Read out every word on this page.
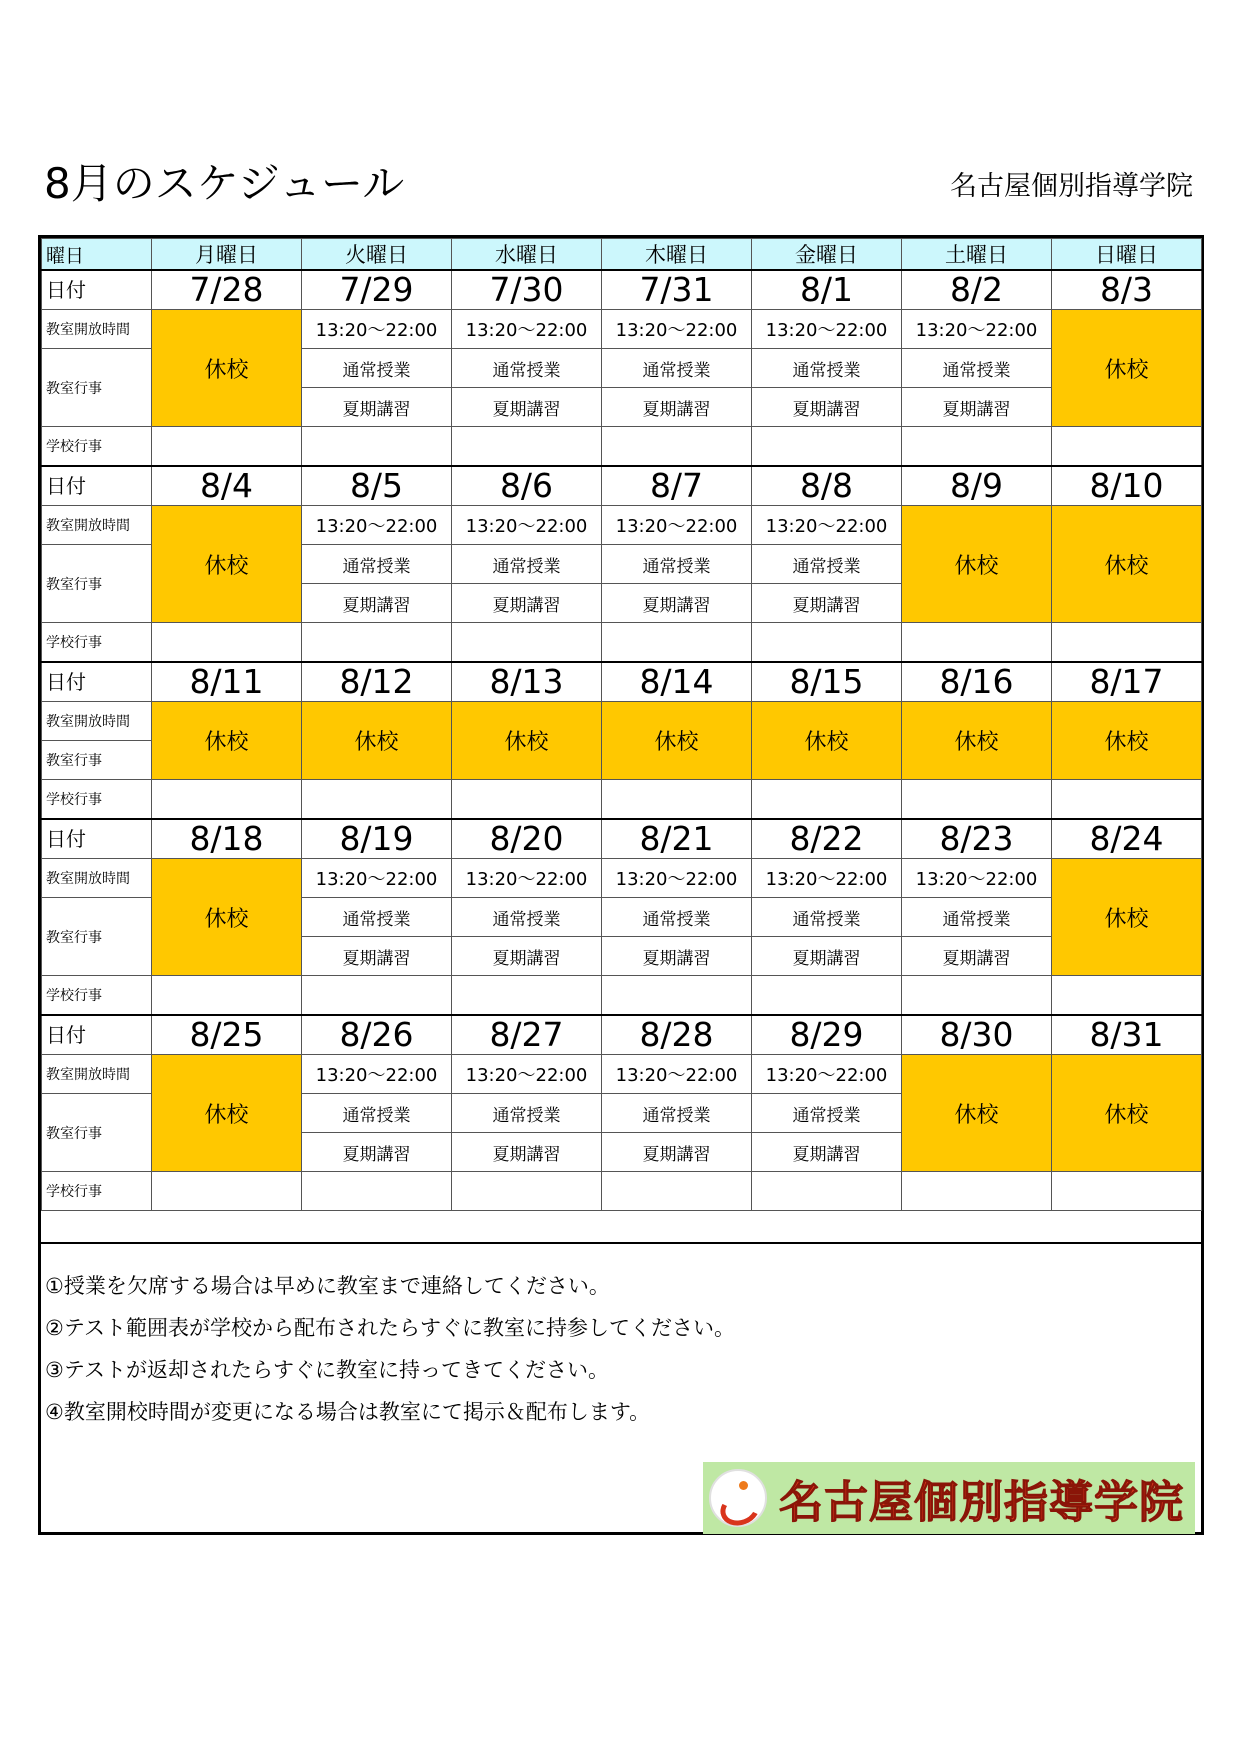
8月のスケジュール	名古屋個別指導学院
曜日	月曜日	火曜日	水曜日	木曜日	金曜日	土曜日	日曜日
日付	7/28	7/29	7/30	7/31	8/1	8/2	8/3
教室開放時間	休校	13:20～22:00	13:20～22:00	13:20～22:00	13:20～22:00	13:20～22:00	休校
教室行事		通常授業	通常授業	通常授業	通常授業	通常授業	
		夏期講習	夏期講習	夏期講習	夏期講習	夏期講習	
学校行事							
日付	8/4	8/5	8/6	8/7	8/8	8/9	8/10
教室開放時間	休校	13:20～22:00	13:20～22:00	13:20～22:00	13:20～22:00	休校	休校
教室行事		通常授業	通常授業	通常授業	通常授業		
		夏期講習	夏期講習	夏期講習	夏期講習		
学校行事							
日付	8/11	8/12	8/13	8/14	8/15	8/16	8/17
教室開放時間	休校	休校	休校	休校	休校	休校	休校
教室行事							

学校行事							
日付	8/18	8/19	8/20	8/21	8/22	8/23	8/24
教室開放時間	休校	13:20～22:00	13:20～22:00	13:20～22:00	13:20～22:00	13:20～22:00	休校
教室行事		通常授業	通常授業	通常授業	通常授業	通常授業	
		夏期講習	夏期講習	夏期講習	夏期講習	夏期講習	
学校行事							
日付	8/25	8/26	8/27	8/28	8/29	8/30	8/31
教室開放時間	休校	13:20～22:00	13:20～22:00	13:20～22:00	13:20～22:00	休校	休校
教室行事		通常授業	通常授業	通常授業	通常授業		
		夏期講習	夏期講習	夏期講習	夏期講習		
学校行事							
①授業を欠席する場合は早めに教室まで連絡してください。
②テスト範囲表が学校から配布されたらすぐに教室に持参してください。
③テストが返却されたらすぐに教室に持ってきてください。
④教室開校時間が変更になる場合は教室にて掲示＆配布します。
名古屋個別指導学院
